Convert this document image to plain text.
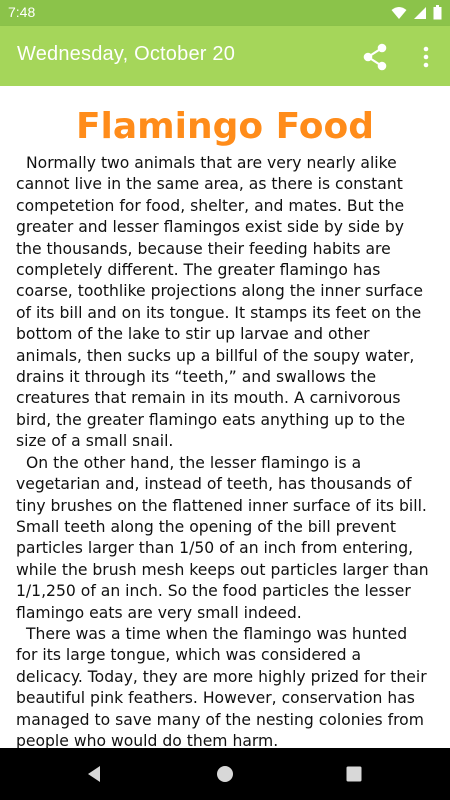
7:48
Wednesday, October 20
Flamingo Food

Normally two animals that are very nearly alike cannot live in the same area, as there is constant competetion for food, shelter, and mates. But the greater and lesser flamingos exist side by side by the thousands, because their feeding habits are completely different. The greater flamingo has coarse, toothlike projections along the inner surface of its bill and on its tongue. It stamps its feet on the bottom of the lake to stir up larvae and other animals, then sucks up a billful of the soupy water, drains it through its “teeth,” and swallows the creatures that remain in its mouth. A carnivorous bird, the greater flamingo eats anything up to the size of a small snail.

On the other hand, the lesser flamingo is a vegetarian and, instead of teeth, has thousands of tiny brushes on the flattened inner surface of its bill. Small teeth along the opening of the bill prevent particles larger than 1/50 of an inch from entering, while the brush mesh keeps out particles larger than 1/1,250 of an inch. So the food particles the lesser flamingo eats are very small indeed.

There was a time when the flamingo was hunted for its large tongue, which was considered a delicacy. Today, they are more highly prized for their beautiful pink feathers. However, conservation has managed to save many of the nesting colonies from people who would do them harm.
